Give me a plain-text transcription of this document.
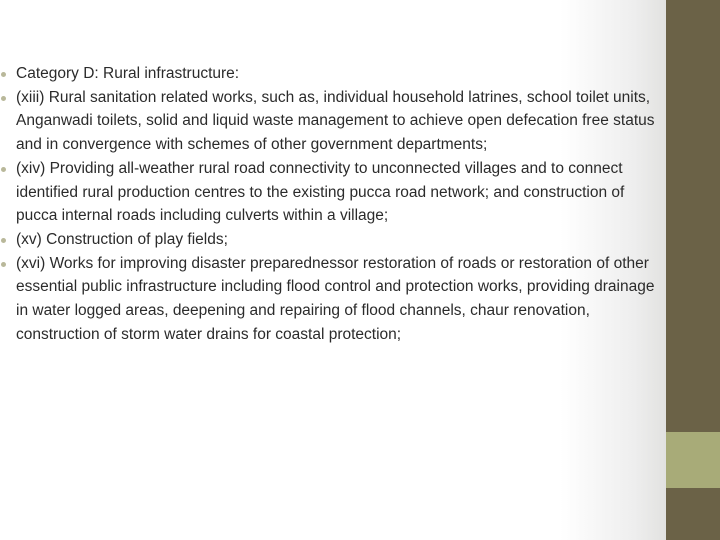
Category D: Rural infrastructure:
(xiii) Rural sanitation related works, such as, individual household latrines, school toilet units, Anganwadi toilets, solid and liquid waste management to achieve open defecation free status and in convergence with schemes of other government departments;
(xiv) Providing all-weather rural road connectivity to unconnected villages and to connect identified rural production centres to the existing pucca road network; and construction of pucca internal roads including culverts within a village;
(xv) Construction of play fields;
(xvi) Works for improving disaster preparednessor restoration of roads or restoration of other essential public infrastructure including flood control and protection works, providing drainage in water logged areas, deepening and repairing of flood channels, chaur renovation, construction of storm water drains for coastal protection;
